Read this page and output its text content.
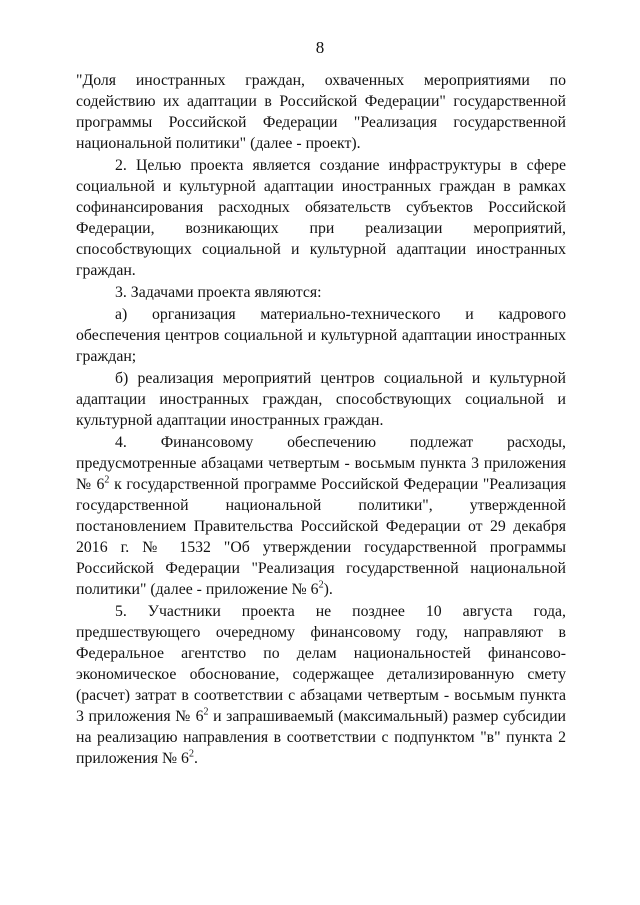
8

"Доля иностранных граждан, охваченных мероприятиями по содействию их адаптации в Российской Федерации" государственной программы Российской Федерации "Реализация государственной национальной политики" (далее - проект).

2. Целью проекта является создание инфраструктуры в сфере социальной и культурной адаптации иностранных граждан в рамках софинансирования расходных обязательств субъектов Российской Федерации, возникающих при реализации мероприятий, способствующих социальной и культурной адаптации иностранных граждан.

3. Задачами проекта являются:

а) организация материально-технического и кадрового обеспечения центров социальной и культурной адаптации иностранных граждан;

б) реализация мероприятий центров социальной и культурной адаптации иностранных граждан, способствующих социальной и культурной адаптации иностранных граждан.

4. Финансовому обеспечению подлежат расходы, предусмотренные абзацами четвертым - восьмым пункта 3 приложения № $6^2$ к государственной программе Российской Федерации "Реализация государственной национальной политики", утвержденной постановлением Правительства Российской Федерации от 29 декабря 2016 г. № 1532 "Об утверждении государственной программы Российской Федерации "Реализация государственной национальной политики" (далее - приложение № $6^2$).

5. Участники проекта не позднее 10 августа года, предшествующего очередному финансовому году, направляют в Федеральное агентство по делам национальностей финансово-экономическое обоснование, содержащее детализированную смету (расчет) затрат в соответствии с абзацами четвертым - восьмым пункта 3 приложения № $6^2$ и запрашиваемый (максимальный) размер субсидии на реализацию направления в соответствии с подпунктом "в" пункта 2 приложения № $6^2$.
